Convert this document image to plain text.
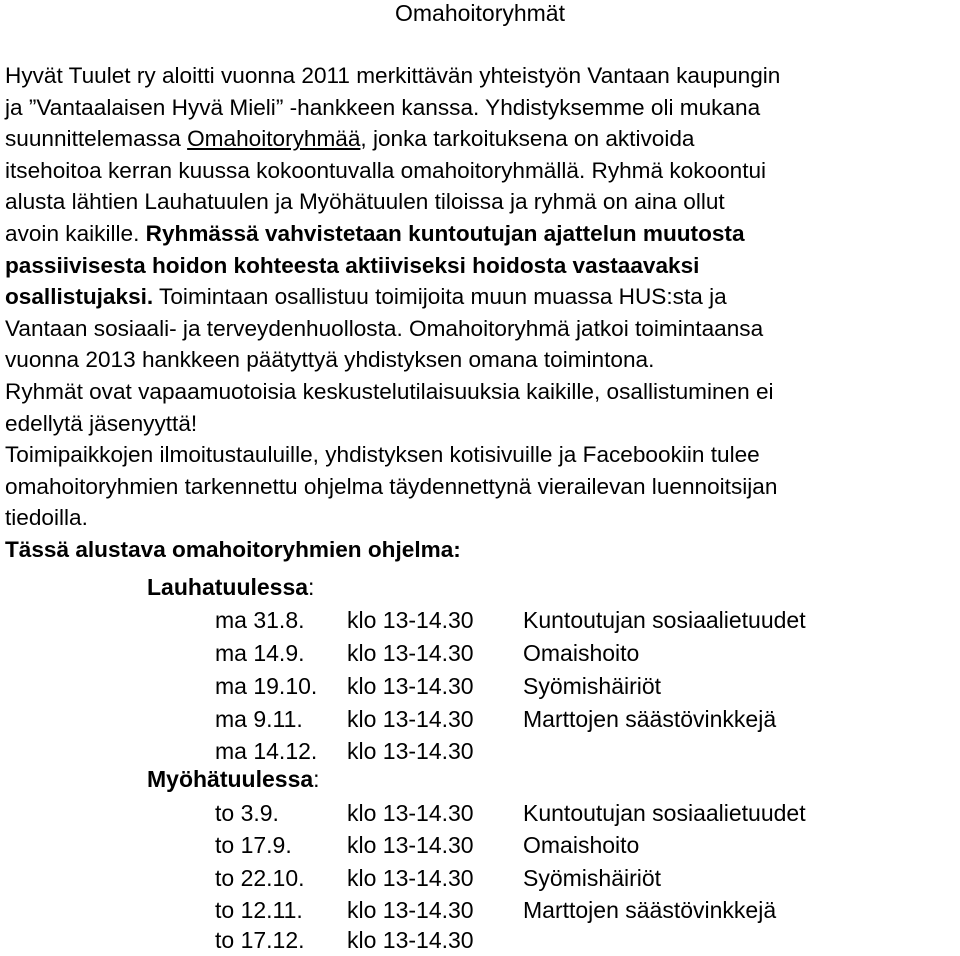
Omahoitoryhmät
Hyvät Tuulet ry aloitti vuonna 2011 merkittävän yhteistyön Vantaan kaupungin
ja ”Vantaalaisen Hyvä Mieli” -hankkeen kanssa. Yhdistyksemme oli mukana
suunnittelemassa Omahoitoryhmää, jonka tarkoituksena on aktivoida
itsehoitoa kerran kuussa kokoontuvalla omahoitoryhmällä. Ryhmä kokoontui
alusta lähtien Lauhatuulen ja Myöhätuulen tiloissa ja ryhmä on aina ollut
avoin kaikille. Ryhmässä vahvistetaan kuntoutujan ajattelun muutosta
passiivisesta hoidon kohteesta aktiiviseksi hoidosta vastaavaksi
osallistujaksi. Toimintaan osallistuu toimijoita muun muassa HUS:sta ja
Vantaan sosiaali- ja terveydenhuollosta. Omahoitoryhmä jatkoi toimintaansa
vuonna 2013 hankkeen päätyttyä yhdistyksen omana toimintona.
Ryhmät ovat vapaamuotoisia keskustelutilaisuuksia kaikille, osallistuminen ei
edellytä jäsenyyttä!
Toimipaikkojen ilmoitustauluille, yhdistyksen kotisivuille ja Facebookiin tulee
omahoitoryhmien tarkennettu ohjelma täydennettynä vierailevan luennoitsijan
tiedoilla.
Tässä alustava omahoitoryhmien ohjelma:
Lauhatuulessa:
ma 31.8. klo 13-14.30 Kuntoutujan sosiaalietuudet
ma 14.9. klo 13-14.30 Omaishoito
ma 19.10. klo 13-14.30 Syömishäiriöt
ma 9.11. klo 13-14.30 Marttojen säästövinkkejä
ma 14.12. klo 13-14.30
Myöhätuulessa:
to 3.9.	klo 13-14.30 Kuntoutujan sosiaalietuudet
to 17.9. klo 13-14.30 Omaishoito
to 22.10. klo 13-14.30 Syömishäiriöt
to 12.11. klo 13-14.30 Marttojen säästövinkkejä
to 17.12. klo 13-14.30
